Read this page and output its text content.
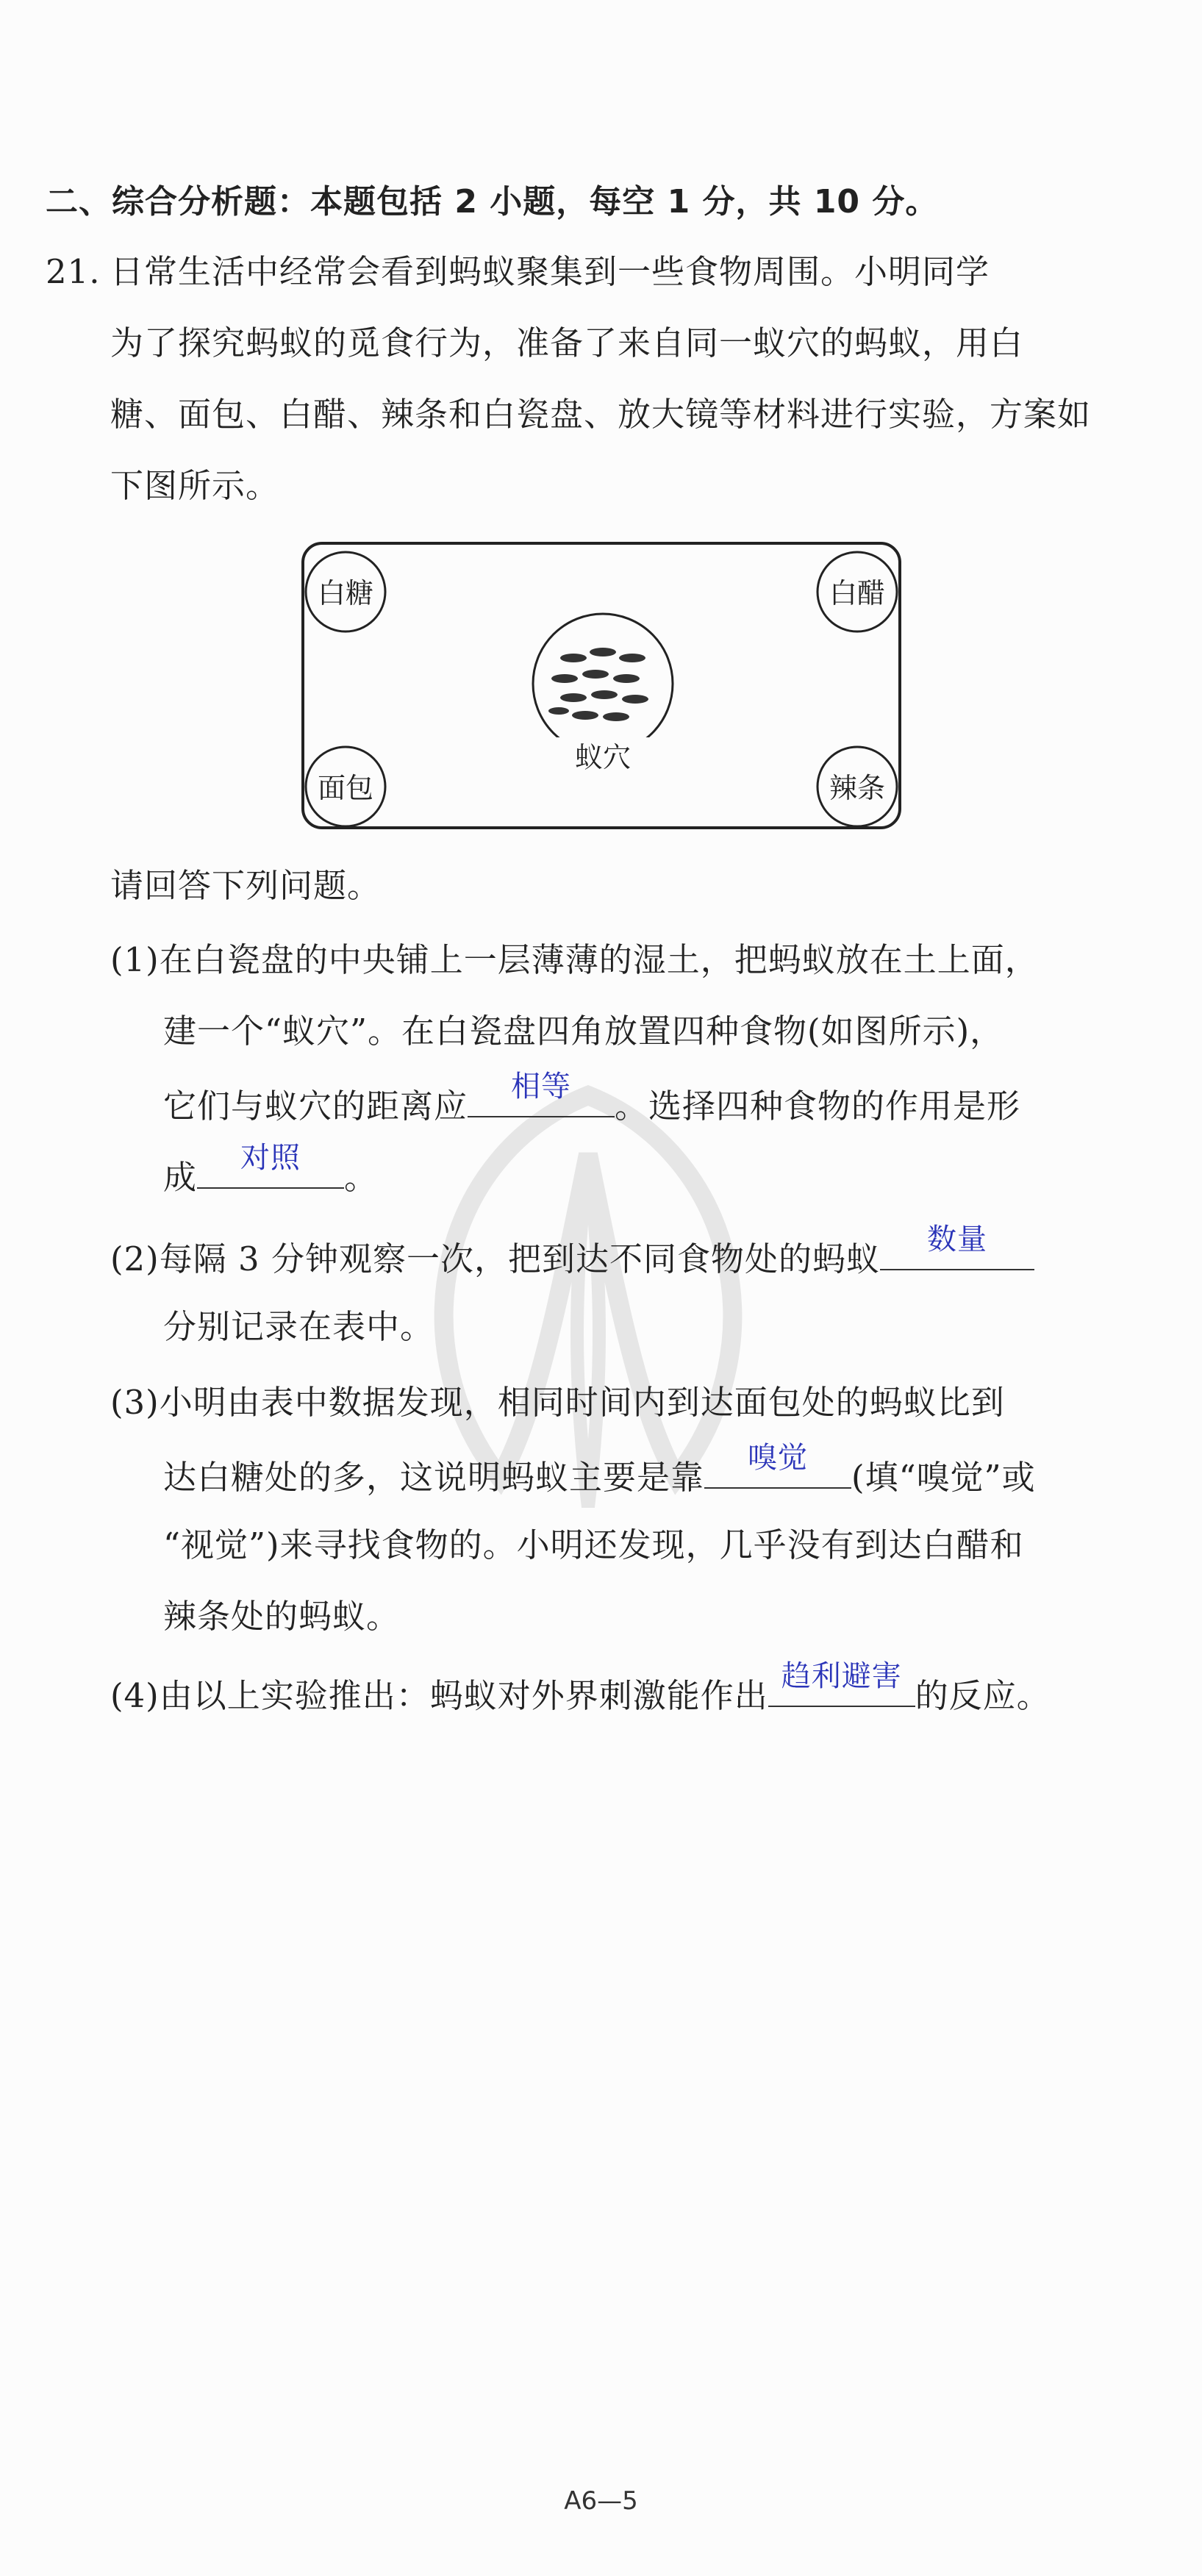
二、综合分析题：本题包括 2 小题，每空 1 分，共 10 分。
21. 日常生活中经常会看到蚂蚁聚集到一些食物周围。小明同学
为了探究蚂蚁的觅食行为，准备了来自同一蚁穴的蚂蚁，用白
糖、面包、白醋、辣条和白瓷盘、放大镜等材料进行实验，方案如
下图所示。
白糖	白醋
面包	辣条
蚁穴
请回答下列问题。
(1)在白瓷盘的中央铺上一层薄薄的湿土，把蚂蚁放在土上面，
建一个“蚁穴”。在白瓷盘四角放置四种食物(如图所示)，
它们与蚁穴的距离应	相等	。选择四种食物的作用是形
成	对照	。
(2)每隔 3 分钟观察一次，把到达不同食物处的蚂蚁	数量
分别记录在表中。
(3)小明由表中数据发现，相同时间内到达面包处的蚂蚁比到
达白糖处的多，这说明蚂蚁主要是靠	嗅觉	(填“嗅觉”或
“视觉”)来寻找食物的。小明还发现，几乎没有到达白醋和
辣条处的蚂蚁。
(4)由以上实验推出：蚂蚁对外界刺激能作出 趋利避害 的反应。
A6—5
